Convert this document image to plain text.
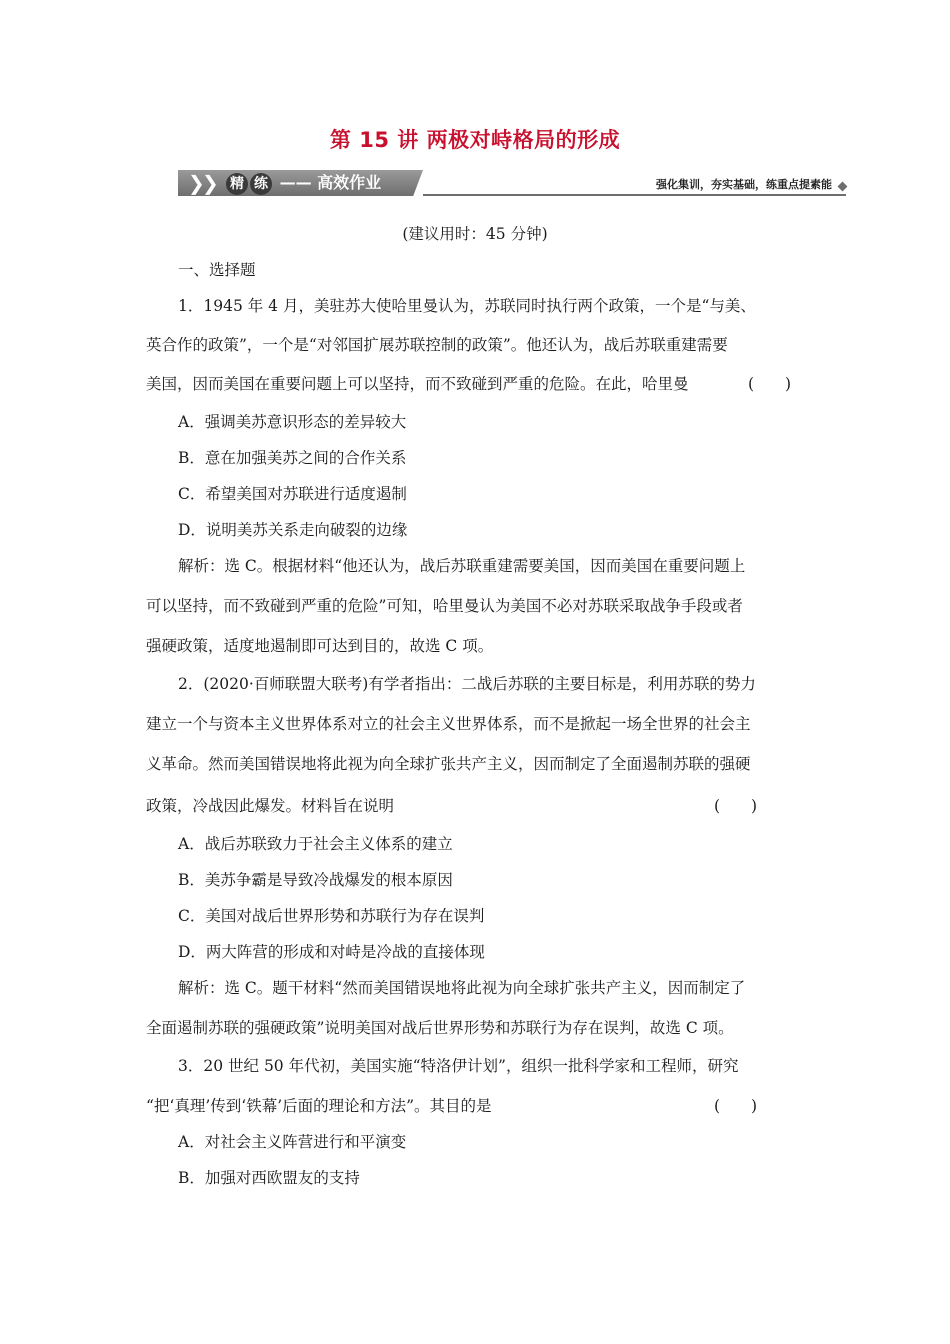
第 15 讲 两极对峙格局的形成
❯
❯ 精 练 —— 高效作业	强化集训，夯实基础，练重点提素能
(建议用时：45 分钟)
一、选择题
1．1945 年 4 月，美驻苏大使哈里曼认为，苏联同时执行两个政策，一个是“与美、
英合作的政策”，一个是“对邻国扩展苏联控制的政策”。他还认为，战后苏联重建需要
美国，因而美国在重要问题上可以坚持，而不致碰到严重的危险。在此，哈里曼	(　　)
A．强调美苏意识形态的差异较大
B．意在加强美苏之间的合作关系
C．希望美国对苏联进行适度遏制
D．说明美苏关系走向破裂的边缘
解析：选 C。根据材料“他还认为，战后苏联重建需要美国，因而美国在重要问题上
可以坚持，而不致碰到严重的危险”可知，哈里曼认为美国不必对苏联采取战争手段或者
强硬政策，适度地遏制即可达到目的，故选 C 项。
2．(2020·百师联盟大联考)有学者指出：二战后苏联的主要目标是，利用苏联的势力
建立一个与资本主义世界体系对立的社会主义世界体系，而不是掀起一场全世界的社会主
义革命。然而美国错误地将此视为向全球扩张共产主义，因而制定了全面遏制苏联的强硬
政策，冷战因此爆发。材料旨在说明	(　　)
A．战后苏联致力于社会主义体系的建立
B．美苏争霸是导致冷战爆发的根本原因
C．美国对战后世界形势和苏联行为存在误判
D．两大阵营的形成和对峙是冷战的直接体现
解析：选 C。题干材料“然而美国错误地将此视为向全球扩张共产主义，因而制定了
全面遏制苏联的强硬政策”说明美国对战后世界形势和苏联行为存在误判，故选 C 项。
3．20 世纪 50 年代初，美国实施“特洛伊计划”，组织一批科学家和工程师，研究
“把‘真理’传到‘铁幕’后面的理论和方法”。其目的是	(　　)
A．对社会主义阵营进行和平演变
B．加强对西欧盟友的支持
